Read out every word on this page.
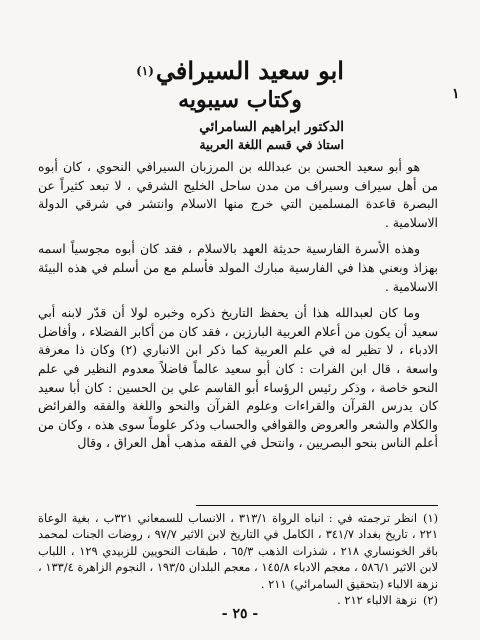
١
ابو سعيد السيرافي$^{(١)}$
وكتاب سيبويه
الدكتور ابراهيم السامرائي
استاذ في قسم اللغة العربية

هو أبو سعيد الحسن بن عبدالله بن المرزبان السيرافي النحوي ، كان أبوه من أهل سيراف وسيراف من مدن ساحل الخليج الشرقي ، لا تبعد كثيراً عن البصرة قاعدة المسلمين التي خرج منها الاسلام وانتشر في شرقي الدولة الاسلامية .

وهذه الأسرة الفارسية حديثة العهد بالاسلام ، فقد كان أبوه مجوسياً اسمه بهزاذ وبعني هذا في الفارسية مبارك المولد فأسلم مع من أسلم في هذه البيئة الاسلامية .

وما كان لعبدالله هذا أن يحفظ التاريخ ذكره وخبره لولا أن قدّر لابنه أبي سعيد أن يكون من أعلام العربية البارزين ، فقد كان من أكابر الفضلاء ، وأفاضل الادباء ، لا تظير له في علم العربية كما ذكر ابن الانباري (٢) وكان ذا معرفة واسعة ، قال ابن الفرات : كان أبو سعيد عالماً فاضلاً معدوم النظير في علم النحو خاصة ، وذكر رئيس الرؤساء أبو القاسم علي بن الحسين : كان أبا سعيد كان يدرس القرآن والقراءات وعلوم القرآن والنحو واللغة والفقه والفرائض والكلام والشعر والعروض والقوافي والحساب وذكر علوماً سوى هذه ، وكان من أعلم الناس بنحو البصريين ، وانتحل في الفقه مذهب أهل العراق ، وقال

(١)انظر ترجمته في : انباه الرواة ٣١٣/١ ، الانساب للسمعاني ٣٢١ب ، بغية الوعاة ٢٢١ ، تاريخ بغداد ٣٤١/٧ ، الكامل في التاريخ لابن الاثير ٩٧/٧ ، روضات الجنات لمحمد باقر الخونساري ٢١٨ ، شذرات الذهب ٦٥/٣ ، طبقات النحويين للزبيدي ١٢٩ ، اللباب لابن الاثير ٥٨٦/١ ، معجم الادباء ١٤٥/٨ ، معجم البلدان ١٩٣/٥ ، النجوم الزاهرة ١٣٣/٤ ، نزهة الالباء (بتحقيق السامرائي) ٢١١ .

(٢)نزهة الالباء ٢١٢ .

- ٢٥ -
